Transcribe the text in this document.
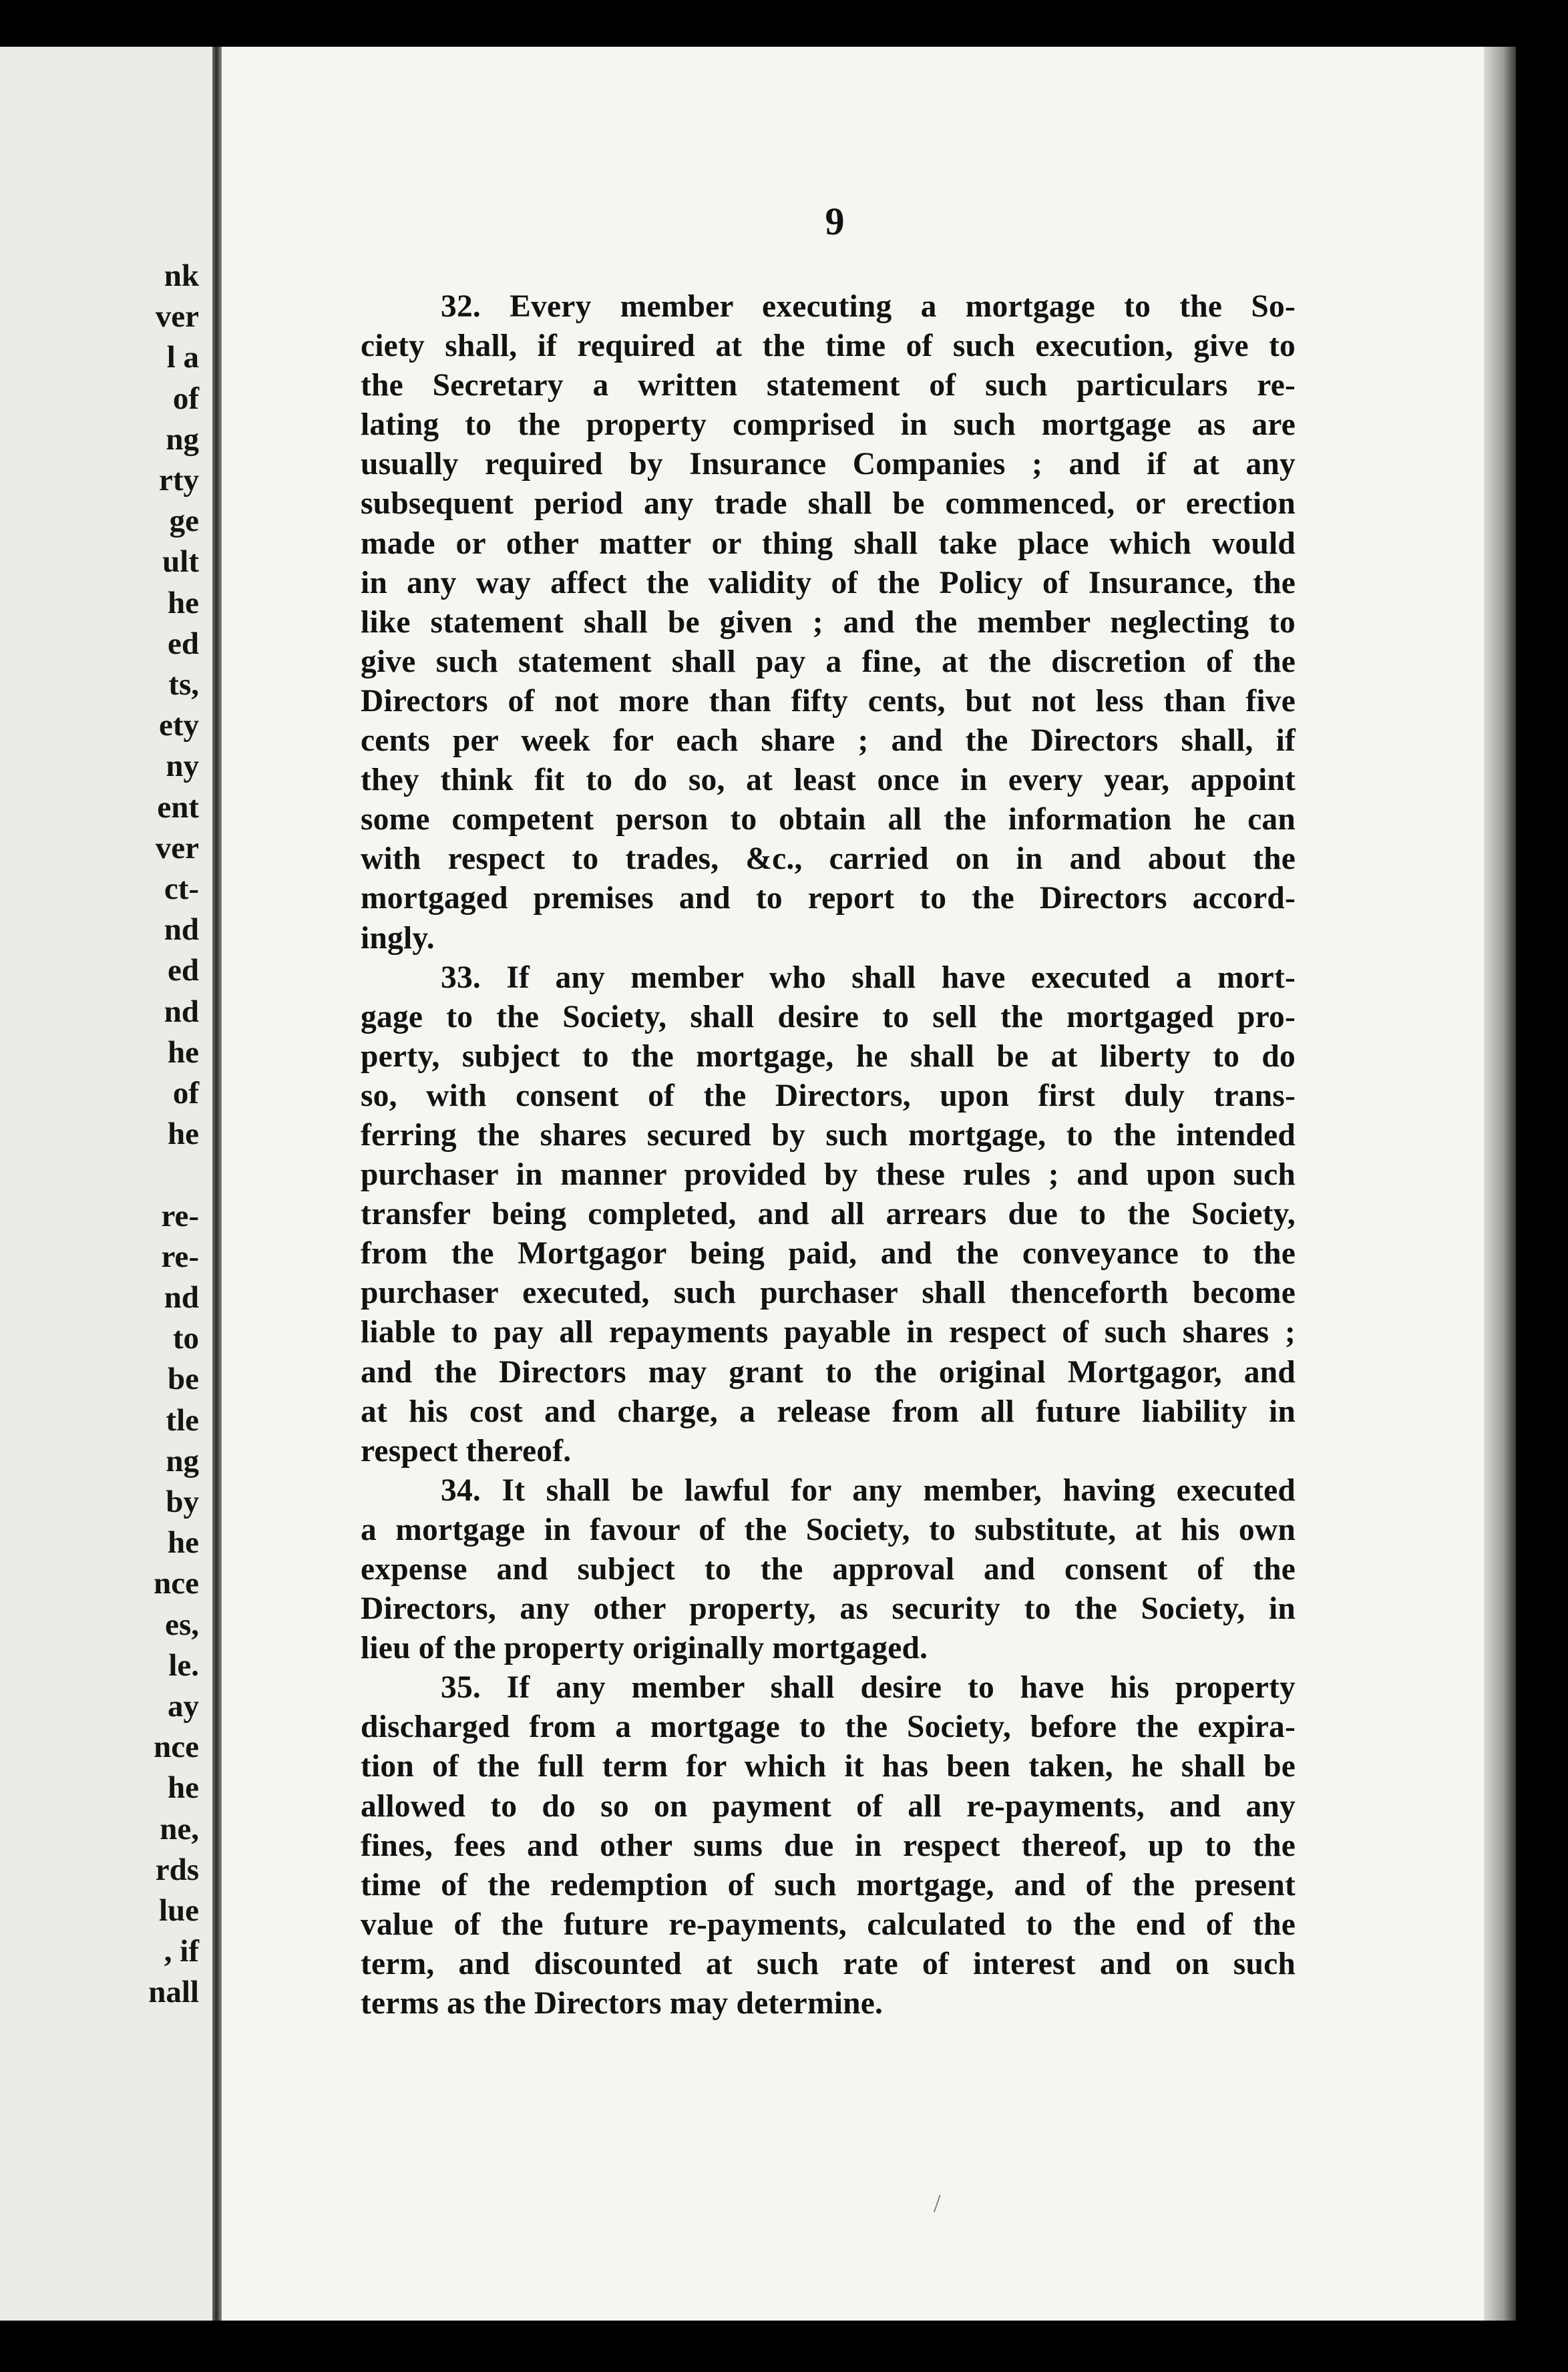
nk

ver

l a

of

ng

rty

ge

ult

he

ed

ts,

ety

ny

ent

ver

ct-

nd

ed

nd

he

of

he

re-

re-

nd

to

be

tle

ng

by

he

nce

es,

le.

ay

nce

he

ne,

rds

lue

, if

nall

9

32. Every member executing a mortgage to the So-
ciety shall, if required at the time of such execution, give to
the Secretary a written statement of such particulars re-
lating to the property comprised in such mortgage as are
usually required by Insurance Companies ; and if at any
subsequent period any trade shall be commenced, or erection
made or other matter or thing shall take place which would
in any way affect the validity of the Policy of Insurance, the
like statement shall be given ; and the member neglecting to
give such statement shall pay a fine, at the discretion of the
Directors of not more than fifty cents, but not less than five
cents per week for each share ; and the Directors shall, if
they think fit to do so, at least once in every year, appoint
some competent person to obtain all the information he can
with respect to trades, &c., carried on in and about the
mortgaged premises and to report to the Directors accord-
ingly.
33. If any member who shall have executed a mort-
gage to the Society, shall desire to sell the mortgaged pro-
perty, subject to the mortgage, he shall be at liberty to do
so, with consent of the Directors, upon first duly trans-
ferring the shares secured by such mortgage, to the intended
purchaser in manner provided by these rules ; and upon such
transfer being completed, and all arrears due to the Society,
from the Mortgagor being paid, and the conveyance to the
purchaser executed, such purchaser shall thenceforth become
liable to pay all repayments payable in respect of such shares ;
and the Directors may grant to the original Mortgagor, and
at his cost and charge, a release from all future liability in
respect thereof.
34. It shall be lawful for any member, having executed
a mortgage in favour of the Society, to substitute, at his own
expense and subject to the approval and consent of the
Directors, any other property, as security to the Society, in
lieu of the property originally mortgaged.
35. If any member shall desire to have his property
discharged from a mortgage to the Society, before the expira-
tion of the full term for which it has been taken, he shall be
allowed to do so on payment of all re-payments, and any
fines, fees and other sums due in respect thereof, up to the
time of the redemption of such mortgage, and of the present
value of the future re-payments, calculated to the end of the
term, and discounted at such rate of interest and on such
terms as the Directors may determine.

/
